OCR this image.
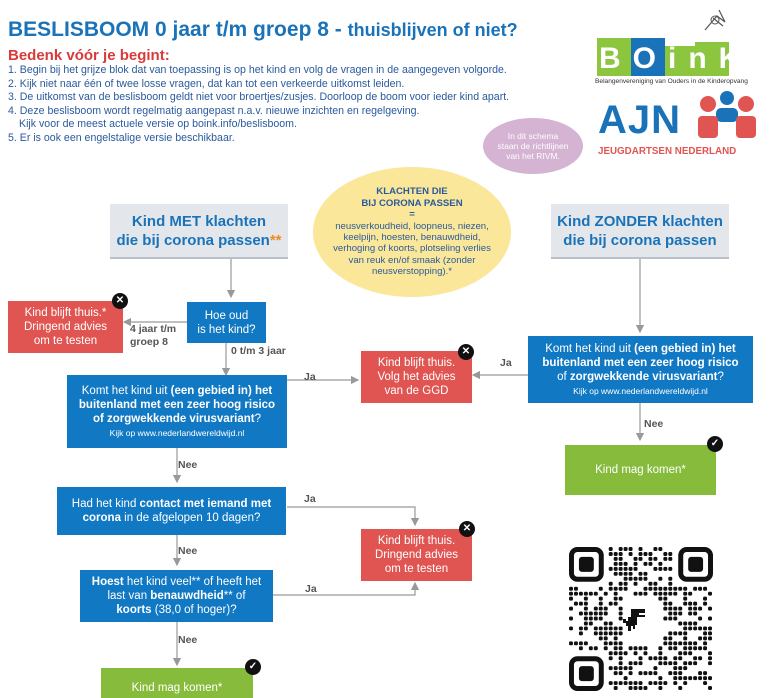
BESLISBOOM 0 jaar t/m groep 8 - thuisblijven of niet?
Bedenk vóór je begint:
1. Begin bij het grijze blok dat van toepassing is op het kind en volg de vragen in de aangegeven volgorde.
2. Kijk niet naar één of twee losse vragen, dat kan tot een verkeerde uitkomst leiden.
3. De uitkomst van de beslisboom geldt niet voor broertjes/zusjes. Doorloop de boom voor ieder kind apart.
4. Deze beslisboom wordt regelmatig aangepast n.a.v. nieuwe inzichten en regelgeving.
Kijk voor de meest actuele versie op boink.info/beslisboom.
5. Er is ook een engelstalige versie beschikbaar.
BOinK
Belangenvereniging van Ouders in de Kinderopvang
AJN
JEUGDARTSEN NEDERLAND
In dit schema
staan de richtlijnen
van het RIVM.
KLACHTEN DIE
BIJ CORONA PASSEN
=
neusverkoudheid, loopneus, niezen, keelpijn, hoesten, benauwdheid, verhoging of koorts, plotseling verlies van reuk en/of smaak (zonder neusverstopping).*
Kind MET klachten
die bij corona passen**
Hoe oud
is het kind?
Kind blijft thuis.*
Dringend advies
om te testen
✕
4 jaar t/m
groep 8
0 t/m 3 jaar
Komt het kind uit (een gebied in) het
buitenland met een zeer hoog risico
of zorgwekkende virusvariant?
Kijk op www.nederlandwereldwijd.nl
Ja
Kind blijft thuis.
Volg het advies
van de GGD
✕
Nee
Had het kind contact met iemand met
corona in de afgelopen 10 dagen?
Ja
Nee
Kind blijft thuis.
Dringend advies
om te testen
✕
Hoest het kind veel** of heeft het
last van benauwdheid** of
koorts (38,0 of hoger)?
Ja
Nee
Kind mag komen*
✓
Kind ZONDER klachten
die bij corona passen
Ja
Komt het kind uit (een gebied in) het
buitenland met een zeer hoog risico
of zorgwekkende virusvariant?
Kijk op www.nederlandwereldwijd.nl
Nee
Kind mag komen*
✓
